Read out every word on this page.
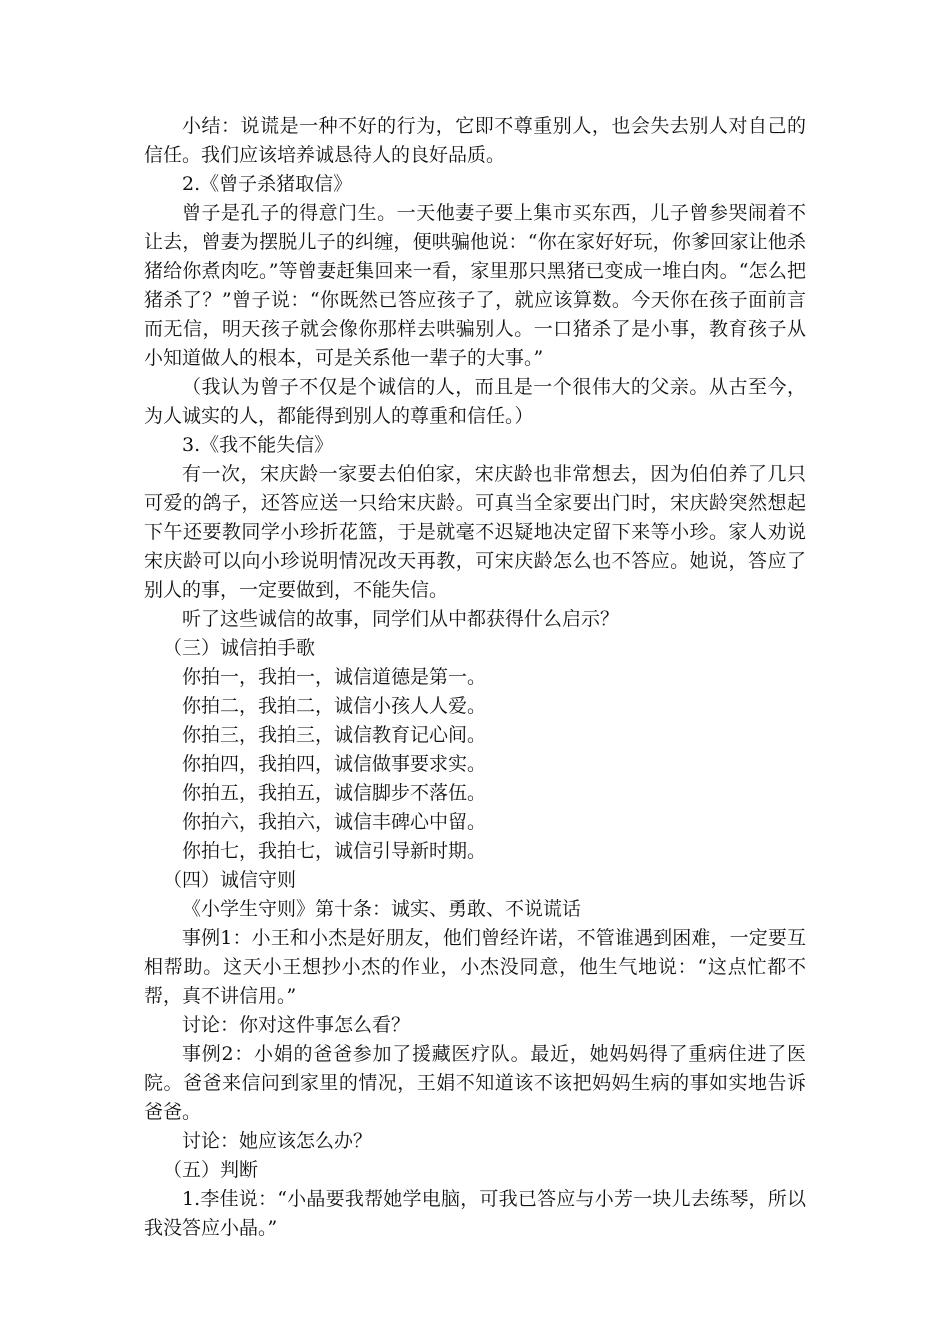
小结：说谎是一种不好的行为，它即不尊重别人，也会失去别人对自己的信任。我们应该培养诚恳待人的良好品质。

2.《曾子杀猪取信》

曾子是孔子的得意门生。一天他妻子要上集市买东西，儿子曾参哭闹着不让去，曾妻为摆脱儿子的纠缠，便哄骗他说：“你在家好好玩，你爹回家让他杀猪给你煮肉吃。”等曾妻赶集回来一看，家里那只黑猪已变成一堆白肉。“怎么把猪杀了？”曾子说：“你既然已答应孩子了，就应该算数。今天你在孩子面前言而无信，明天孩子就会像你那样去哄骗别人。一口猪杀了是小事，教育孩子从小知道做人的根本，可是关系他一辈子的大事。”

（我认为曾子不仅是个诚信的人，而且是一个很伟大的父亲。从古至今，为人诚实的人，都能得到别人的尊重和信任。）

3.《我不能失信》

有一次，宋庆龄一家要去伯伯家，宋庆龄也非常想去，因为伯伯养了几只可爱的鸽子，还答应送一只给宋庆龄。可真当全家要出门时，宋庆龄突然想起下午还要教同学小珍折花篮，于是就毫不迟疑地决定留下来等小珍。家人劝说宋庆龄可以向小珍说明情况改天再教，可宋庆龄怎么也不答应。她说，答应了别人的事，一定要做到，不能失信。

听了这些诚信的故事，同学们从中都获得什么启示？

（三）诚信拍手歌

你拍一，我拍一，诚信道德是第一。

你拍二，我拍二，诚信小孩人人爱。

你拍三，我拍三，诚信教育记心间。

你拍四，我拍四，诚信做事要求实。

你拍五，我拍五，诚信脚步不落伍。

你拍六，我拍六，诚信丰碑心中留。

你拍七，我拍七，诚信引导新时期。

（四）诚信守则

《小学生守则》第十条：诚实、勇敢、不说谎话

事例1：小王和小杰是好朋友，他们曾经许诺，不管谁遇到困难，一定要互相帮助。这天小王想抄小杰的作业，小杰没同意，他生气地说：“这点忙都不帮，真不讲信用。”

讨论：你对这件事怎么看？

事例2：小娟的爸爸参加了援藏医疗队。最近，她妈妈得了重病住进了医院。爸爸来信问到家里的情况，王娟不知道该不该把妈妈生病的事如实地告诉爸爸。

讨论：她应该怎么办？

（五）判断

1.李佳说：“小晶要我帮她学电脑，可我已答应与小芳一块儿去练琴，所以我没答应小晶。”
